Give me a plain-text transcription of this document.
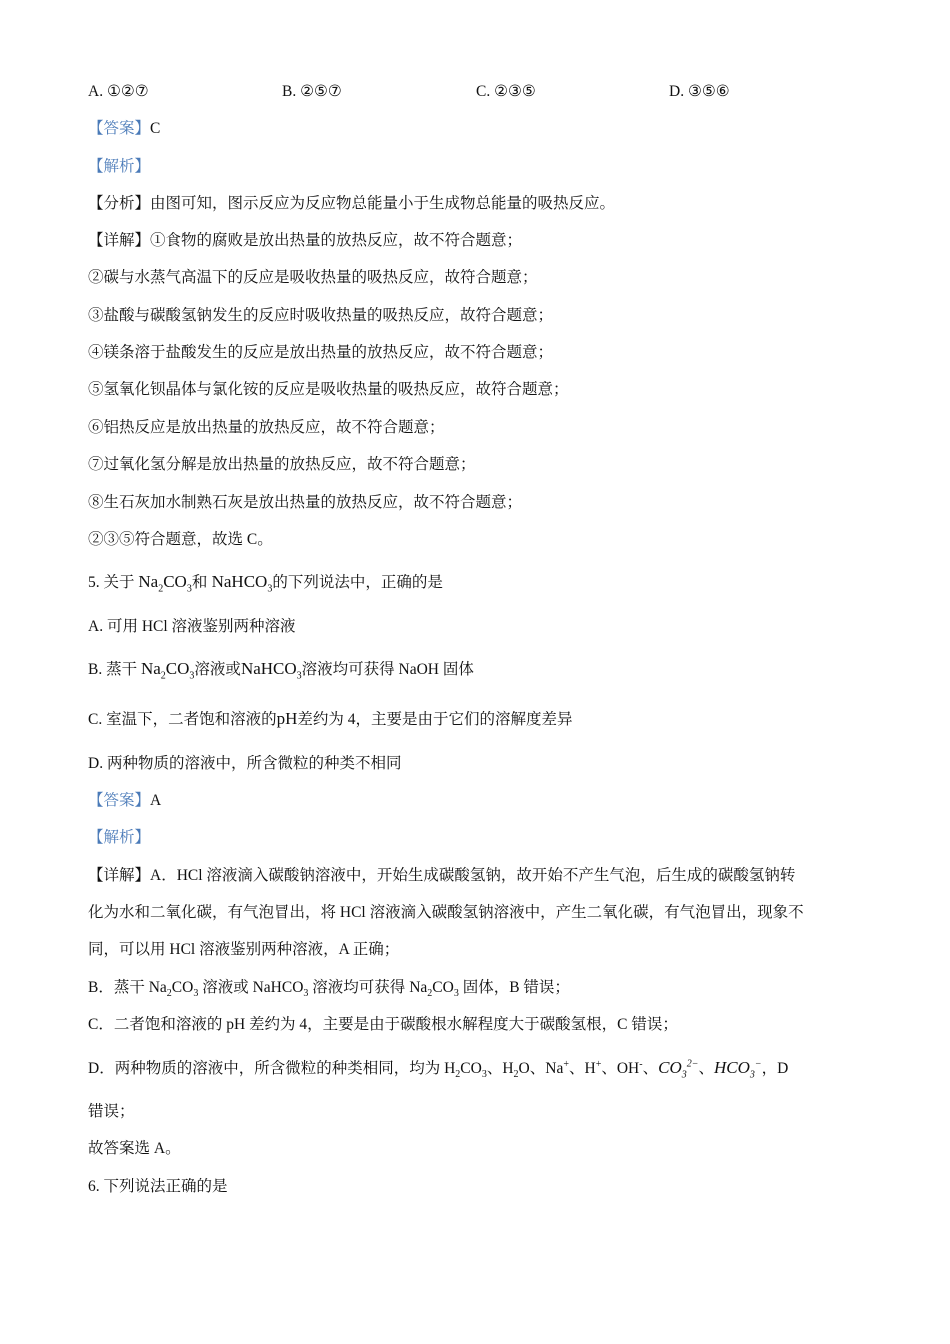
A. ①②⑦	B. ②⑤⑦	C. ②③⑤	D. ③⑤⑥
【答案】C
【解析】
【分析】由图可知，图示反应为反应物总能量小于生成物总能量的吸热反应。
【详解】①食物的腐败是放出热量的放热反应，故不符合题意；
②碳与水蒸气高温下的反应是吸收热量的吸热反应，故符合题意；
③盐酸与碳酸氢钠发生的反应时吸收热量的吸热反应，故符合题意；
④镁条溶于盐酸发生的反应是放出热量的放热反应，故不符合题意；
⑤氢氧化钡晶体与氯化铵的反应是吸收热量的吸热反应，故符合题意；
⑥铝热反应是放出热量的放热反应，故不符合题意；
⑦过氧化氢分解是放出热量的放热反应，故不符合题意；
⑧生石灰加水制熟石灰是放出热量的放热反应，故不符合题意；
②③⑤符合题意，故选 C。
5. 关于 $Na_2CO_3$和 NaHCO$_3$的下列说法中，正确的是
A. 可用 HCl 溶液鉴别两种溶液
B. 蒸干 $Na_2CO_3$溶液或NaHCO$_3$溶液均可获得 NaOH 固体
C. 室温下，二者饱和溶液的pH差约为 4，主要是由于它们的溶解度差异
D. 两种物质的溶液中，所含微粒的种类不相同
【答案】A
【解析】
【详解】A．HCl 溶液滴入碳酸钠溶液中，开始生成碳酸氢钠，故开始不产生气泡，后生成的碳酸氢钠转
化为水和二氧化碳，有气泡冒出，将 HCl 溶液滴入碳酸氢钠溶液中，产生二氧化碳，有气泡冒出，现象不
同，可以用 HCl 溶液鉴别两种溶液，A 正确；
B．蒸干 $Na_2CO_3$ 溶液或 NaHCO$_3$ 溶液均可获得 $Na_2CO_3$ 固体，B 错误；
C．二者饱和溶液的 pH 差约为 4，主要是由于碳酸根水解程度大于碳酸氢根，C 错误；
D．两种物质的溶液中，所含微粒的种类相同，均为 $H_2CO_3$、$H_2O$、Na+、H+、OH-、$CO_3^{2-}$、$HCO_3^-$，D
错误；
故答案选 A。
6. 下列说法正确的是
